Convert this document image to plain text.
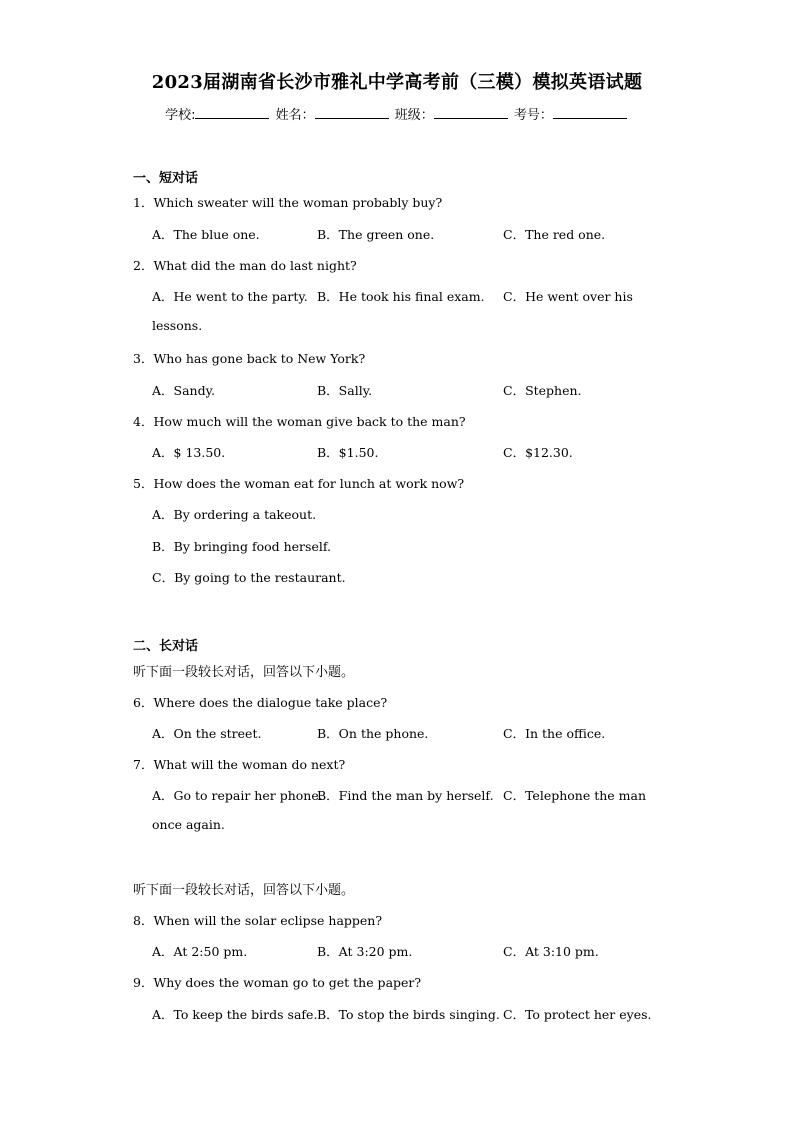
2023届湖南省长沙市雅礼中学高考前（三模）模拟英语试题
学校:	姓名：	班级：	考号：
一、短对话
1．Which sweater will the woman probably buy?
A．The blue one.	B．The green one.	C．The red one.
2．What did the man do last night?
A．He went to the party. B．He took his final exam. C．He went over his
lessons.
3．Who has gone back to New York?
A．Sandy.	B．Sally.	C．Stephen.
4．How much will the woman give back to the man?
A．$ 13.50.	B．$1.50.	C．$12.30.
5．How does the woman eat for lunch at work now?
A．By ordering a takeout.
B．By bringing food herself.
C．By going to the restaurant.
二、长对话
听下面一段较长对话，回答以下小题。
6．Where does the dialogue take place?
A．On the street.	B．On the phone.	C．In the office.
7．What will the woman do next?
A．Go to repair her phone.
B．Find the man by herself. C．Telephone the man
once again.
听下面一段较长对话，回答以下小题。
8．When will the solar eclipse happen?
A．At 2:50 pm.	B．At 3:20 pm.	C．At 3:10 pm.
9．Why does the woman go to get the paper?
A．To keep the birds safe. B．To stop the birds singing. C．To protect her eyes.
